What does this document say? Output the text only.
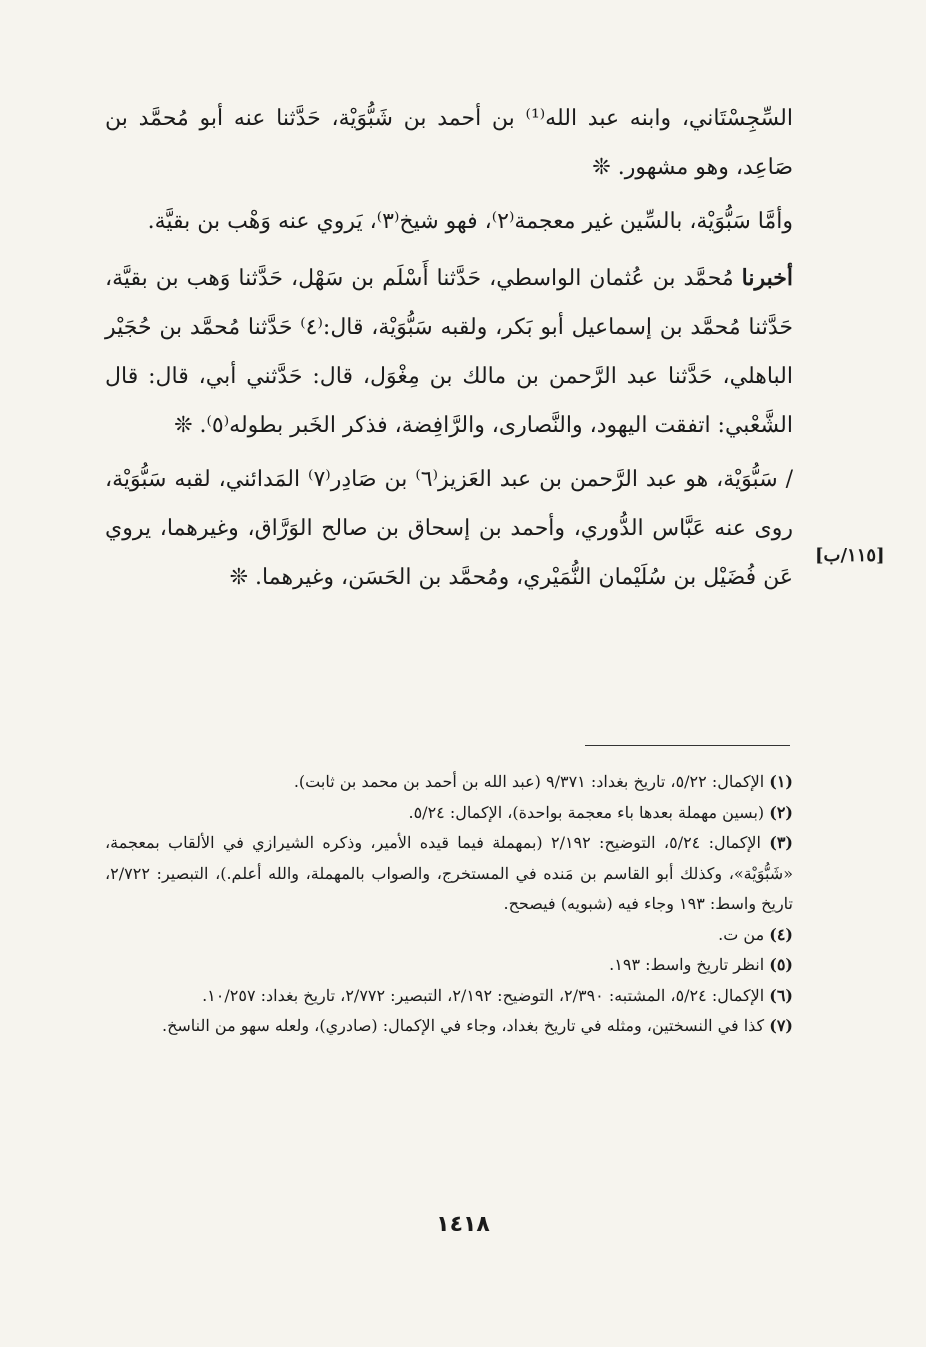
السِّجِسْتَاني، وابنه عبد الله⁽¹⁾ بن أحمد بن شَبُّوَيْة، حَدَّثنا عنه أبو مُحمَّد بن صَاعِد، وهو مشهور. ❊

وأمَّا سَبُّوَيْة، بالسِّين غير معجمة⁽٢⁾، فهو شيخ⁽٣⁾، يَروي عنه وَهْب بن بقيَّة.

أخبرنا مُحمَّد بن عُثمان الواسطي، حَدَّثنا أَسْلَم بن سَهْل، حَدَّثنا وَهب بن بقيَّة، حَدَّثنا مُحمَّد بن إسماعيل أبو بَكر، ولقبه سَبُّوَيْة، قال:⁽٤⁾ حَدَّثنا مُحمَّد بن حُجَيْر الباهلي، حَدَّثنا عبد الرَّحمن بن مالك بن مِغْوَل، قال: حَدَّثني أبي، قال: قال الشَّعْبي: اتفقت اليهود، والنَّصارى، والرَّافِضة، فذكر الخَبر بطوله⁽٥⁾. ❊

/ سَبُّوَيْة، هو عبد الرَّحمن بن عبد العَزيز⁽٦⁾ بن صَادِر⁽٧⁾ المَدائني، لقبه سَبُّوَيْة، روى عنه عَبَّاس الدُّوري، وأحمد بن إسحاق بن صالح الوَرَّاق، وغيرهما، يروي عَن فُضَيْل بن سُلَيْمان النُّمَيْري، ومُحمَّد بن الحَسَن، وغيرهما. ❊

[١١٥/ب]

(١) الإكمال: ٥/٢٢، تاريخ بغداد: ٩/٣٧١ (عبد الله بن أحمد بن محمد بن ثابت).

(٢) (بسين مهملة بعدها باء معجمة بواحدة)، الإكمال: ٥/٢٤.

(٣) الإكمال: ٥/٢٤، التوضيح: ٢/١٩٢ (بمهملة فيما قيده الأمير، وذكره الشيرازي في الألقاب بمعجمة، «شَبُّوَيْة»، وكذلك أبو القاسم بن مَنده في المستخرج، والصواب بالمهملة، والله أعلم.)، التبصير: ٢/٧٢٢، تاريخ واسط: ١٩٣ وجاء فيه (شبويه) فيصحح.

(٤) من ت.

(٥) انظر تاريخ واسط: ١٩٣.

(٦) الإكمال: ٥/٢٤، المشتبه: ٢/٣٩٠، التوضيح: ٢/١٩٢، التبصير: ٢/٧٧٢، تاريخ بغداد: ١٠/٢٥٧.

(٧) كذا في النسختين، ومثله في تاريخ بغداد، وجاء في الإكمال: (صادري)، ولعله سهو من الناسخ.

١٤١٨
